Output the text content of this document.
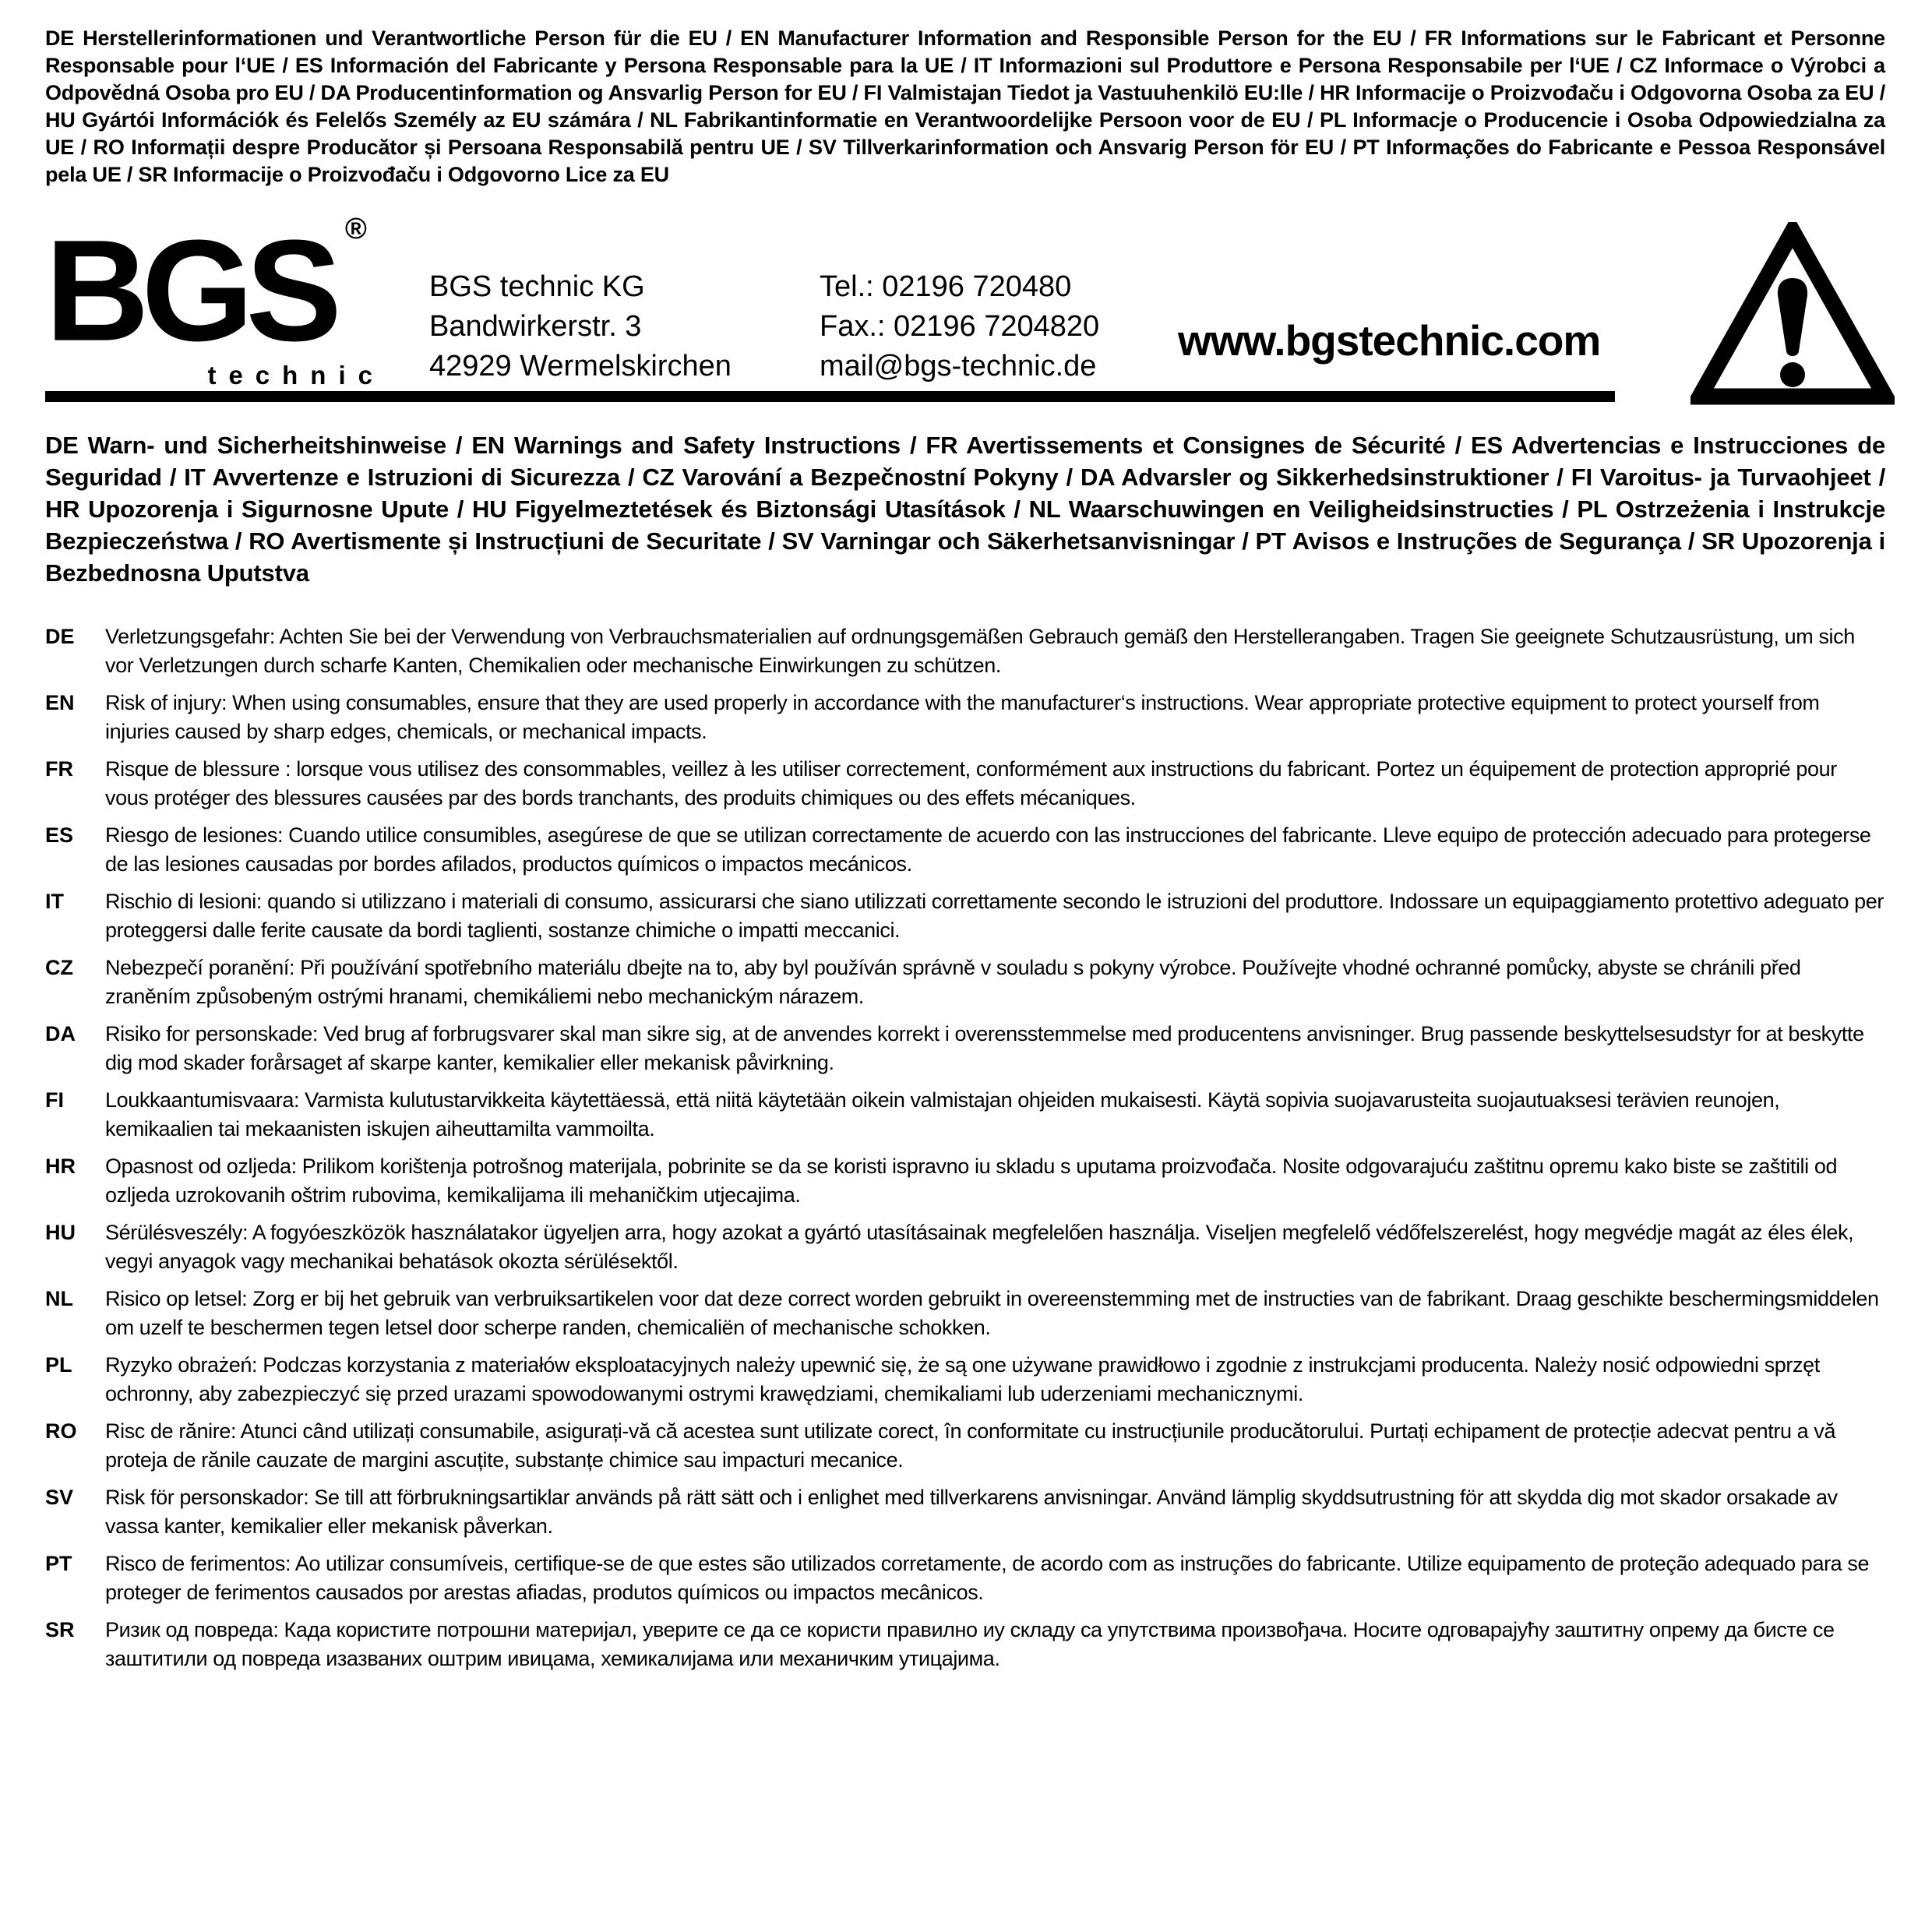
DE Herstellerinformationen und Verantwortliche Person für die EU / EN Manufacturer Information and Responsible Person for the EU / FR Informations sur le Fabricant et Personne Responsable pour l‘UE / ES Información del Fabricante y Persona Responsable para la UE / IT Informazioni sul Produttore e Persona Responsabile per l‘UE / CZ Informace o Výrobci a Odpovědná Osoba pro EU / DA Producentinformation og Ansvarlig Person for EU / FI Valmistajan Tiedot ja Vastuuhenkilö EU:lle / HR Informacije o Proizvođaču i Odgovorna Osoba za EU / HU Gyártói Információk és Felelős Személy az EU számára / NL Fabrikantinformatie en Verantwoordelijke Persoon voor de EU / PL Informacje o Producencie i Osoba Odpowiedzialna za UE / RO Informații despre Producător și Persoana Responsabilă pentru UE / SV Tillverkarinformation och Ansvarig Person för EU / PT Informações do Fabricante e Pessoa Responsável pela UE / SR Informacije o Proizvođaču i Odgovorno Lice za EU

BGS ®
technic
BGS technic KG
Bandwirkerstr. 3
42929 Wermelskirchen
Tel.: 02196 720480
Fax.: 02196 7204820
mail@bgs-technic.de
www.bgstechnic.com

DE Warn- und Sicherheitshinweise / EN Warnings and Safety Instructions / FR Avertissements et Consignes de Sécurité / ES Advertencias e Instrucciones de Seguridad / IT Avvertenze e Istruzioni di Sicurezza / CZ Varování a Bezpečnostní Pokyny / DA Advarsler og Sikkerhedsinstruktioner / FI Varoitus- ja Turvaohjeet / HR Upozorenja i Sigurnosne Upute / HU Figyelmeztetések és Biztonsági Utasítások / NL Waarschuwingen en Veiligheidsinstructies / PL Ostrzeżenia i Instrukcje Bezpieczeństwa / RO Avertismente și Instrucțiuni de Securitate / SV Varningar och Säkerhetsanvisningar / PT Avisos e Instruções de Segurança / SR Upozorenja i Bezbednosna Uputstva

DE	Verletzungsgefahr: Achten Sie bei der Verwendung von Verbrauchsmaterialien auf ordnungsgemäßen Gebrauch gemäß den Herstellerangaben. Tragen Sie geeignete Schutzausrüstung, um sich vor Verletzungen durch scharfe Kanten, Chemikalien oder mechanische Einwirkungen zu schützen.
EN	Risk of injury: When using consumables, ensure that they are used properly in accordance with the manufacturer‘s instructions. Wear appropriate protective equipment to protect yourself from injuries caused by sharp edges, chemicals, or mechanical impacts.
FR	Risque de blessure : lorsque vous utilisez des consommables, veillez à les utiliser correctement, conformément aux instructions du fabricant. Portez un équipement de protection approprié pour vous protéger des blessures causées par des bords tranchants, des produits chimiques ou des effets mécaniques.
ES	Riesgo de lesiones: Cuando utilice consumibles, asegúrese de que se utilizan correctamente de acuerdo con las instrucciones del fabricante. Lleve equipo de protección adecuado para protegerse de las lesiones causadas por bordes afilados, productos químicos o impactos mecánicos.
IT	Rischio di lesioni: quando si utilizzano i materiali di consumo, assicurarsi che siano utilizzati correttamente secondo le istruzioni del produttore. Indossare un equipaggiamento protettivo adeguato per proteggersi dalle ferite causate da bordi taglienti, sostanze chimiche o impatti meccanici.
CZ	Nebezpečí poranění: Při používání spotřebního materiálu dbejte na to, aby byl používán správně v souladu s pokyny výrobce. Používejte vhodné ochranné pomůcky, abyste se chránili před zraněním způsobeným ostrými hranami, chemikáliemi nebo mechanickým nárazem.
DA	Risiko for personskade: Ved brug af forbrugsvarer skal man sikre sig, at de anvendes korrekt i overensstemmelse med producentens anvisninger. Brug passende beskyttelsesudstyr for at beskytte dig mod skader forårsaget af skarpe kanter, kemikalier eller mekanisk påvirkning.
FI	Loukkaantumisvaara: Varmista kulutustarvikkeita käytettäessä, että niitä käytetään oikein valmistajan ohjeiden mukaisesti. Käytä sopivia suojavarusteita suojautuaksesi terävien reunojen, kemikaalien tai mekaanisten iskujen aiheuttamilta vammoilta.
HR	Opasnost od ozljeda: Prilikom korištenja potrošnog materijala, pobrinite se da se koristi ispravno iu skladu s uputama proizvođača. Nosite odgovarajuću zaštitnu opremu kako biste se zaštitili od ozljeda uzrokovanih oštrim rubovima, kemikalijama ili mehaničkim utjecajima.
HU	Sérülésveszély: A fogyóeszközök használatakor ügyeljen arra, hogy azokat a gyártó utasításainak megfelelően használja. Viseljen megfelelő védőfelszerelést, hogy megvédje magát az éles élek, vegyi anyagok vagy mechanikai behatások okozta sérülésektől.
NL	Risico op letsel: Zorg er bij het gebruik van verbruiksartikelen voor dat deze correct worden gebruikt in overeenstemming met de instructies van de fabrikant. Draag geschikte beschermingsmiddelen om uzelf te beschermen tegen letsel door scherpe randen, chemicaliën of mechanische schokken.
PL	Ryzyko obrażeń: Podczas korzystania z materiałów eksploatacyjnych należy upewnić się, że są one używane prawidłowo i zgodnie z instrukcjami producenta. Należy nosić odpowiedni sprzęt ochronny, aby zabezpieczyć się przed urazami spowodowanymi ostrymi krawędziami, chemikaliami lub uderzeniami mechanicznymi.
RO	Risc de rănire: Atunci când utilizați consumabile, asigurați-vă că acestea sunt utilizate corect, în conformitate cu instrucțiunile producătorului. Purtați echipament de protecție adecvat pentru a vă proteja de rănile cauzate de margini ascuțite, substanțe chimice sau impacturi mecanice.
SV	Risk för personskador: Se till att förbrukningsartiklar används på rätt sätt och i enlighet med tillverkarens anvisningar. Använd lämplig skyddsutrustning för att skydda dig mot skador orsakade av vassa kanter, kemikalier eller mekanisk påverkan.
PT	Risco de ferimentos: Ao utilizar consumíveis, certifique-se de que estes são utilizados corretamente, de acordo com as instruções do fabricante. Utilize equipamento de proteção adequado para se proteger de ferimentos causados por arestas afiadas, produtos químicos ou impactos mecânicos.
SR	Ризик од повреда: Када користите потрошни материјал, уверите се да се користи правилно иу складу са упутствима произвођача. Носите одговарајућу заштитну опрему да бисте се заштитили од повреда изазваних оштрим ивицама, хемикалијама или механичким утицајима.
